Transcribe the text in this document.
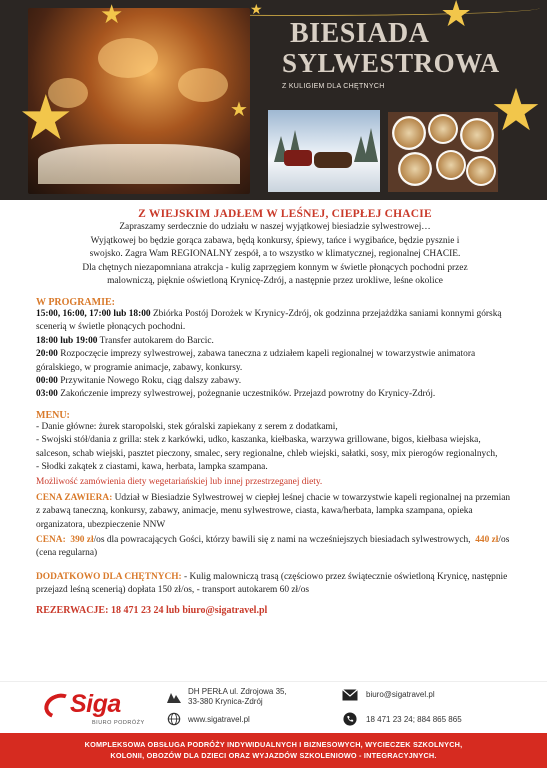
BIESIADA
SYLWESTROWA
Z KULIGIEM DLA CHĘTNYCH
★
★
★
★
★
★
Z WIEJSKIM JADŁEM W LEŚNEJ, CIEPŁEJ CHACIE
Zapraszamy serdecznie do udziału w naszej wyjątkowej biesiadzie sylwestrowej…
Wyjątkowej bo będzie gorąca zabawa, będą konkursy, śpiewy, tańce i wygibańce, będzie pysznie i
swojsko. Zagra Wam REGIONALNY zespół, a to wszystko w klimatycznej, regionalnej CHACIE.
Dla chętnych niezapomniana atrakcja - kulig zaprzęgiem konnym w świetle płonących pochodni przez
malowniczą, pięknie oświetloną Krynicę-Zdrój, a następnie przez urokliwe, leśne okolice
W PROGRAMIE:
15:00, 16:00, 17:00 lub 18:00 Zbiórka Postój Dorożek w Krynicy-Zdrój, ok godzinna przejażdżka saniami konnymi górską scenerią w świetle płonących pochodni.
18:00 lub 19:00 Transfer autokarem do Barcic.
20:00 Rozpoczęcie imprezy sylwestrowej, zabawa taneczna z udziałem kapeli regionalnej w towarzystwie animatora góralskiego, w programie animacje, zabawy, konkursy.
00:00 Przywitanie Nowego Roku, ciąg dalszy zabawy.
03:00 Zakończenie imprezy sylwestrowej, pożegnanie uczestników. Przejazd powrotny do Krynicy-Zdrój.
MENU:
- Danie główne: żurek staropolski, stek góralski zapiekany z serem z dodatkami,
- Swojski stół/dania z grilla: stek z karkówki, udko, kaszanka, kiełbaska, warzywa grillowane, bigos, kiełbasa wiejska, salceson, schab wiejski, pasztet pieczony, smalec, sery regionalne, chleb wiejski, sałatki, sosy, mix pierogów regionalnych,
- Słodki zakątek z ciastami, kawa, herbata, lampka szampana.
Możliwość zamówienia diety wegetariańskiej lub innej przestrzeganej diety.
CENA ZAWIERA: Udział w Biesiadzie Sylwestrowej w ciepłej leśnej chacie w towarzystwie kapeli regionalnej na przemian z zabawą taneczną, konkursy, zabawy, animacje, menu sylwestrowe, ciasta, kawa/herbata, lampka szampana, opieka organizatora, ubezpieczenie NNW
CENA: 390 zł/os dla powracających Gości, którzy bawili się z nami na wcześniejszych biesiadach sylwestrowych, 440 zł/os (cena regularna)
DODATKOWO DLA CHĘTNYCH: - Kulig malowniczą trasą (częściowo przez świątecznie oświetloną Krynicę, następnie przejazd leśną scenerią) dopłata 150 zł/os, - transport autokarem 60 zł/os
REZERWACJE: 18 471 23 24 lub biuro@sigatravel.pl
Siga
BIURO PODRÓŻY
DH PERŁA ul. Zdrojowa 35,
33-380 Krynica-Zdrój
www.sigatravel.pl
biuro@sigatravel.pl
18 471 23 24; 884 865 865
KOMPLEKSOWA OBSŁUGA PODRÓŻY INDYWIDUALNYCH I BIZNESOWYCH, WYCIECZEK SZKOLNYCH,
KOLONII, OBOZÓW DLA DZIECI ORAZ WYJAZDÓW SZKOLENIOWO - INTEGRACYJNYCH.
